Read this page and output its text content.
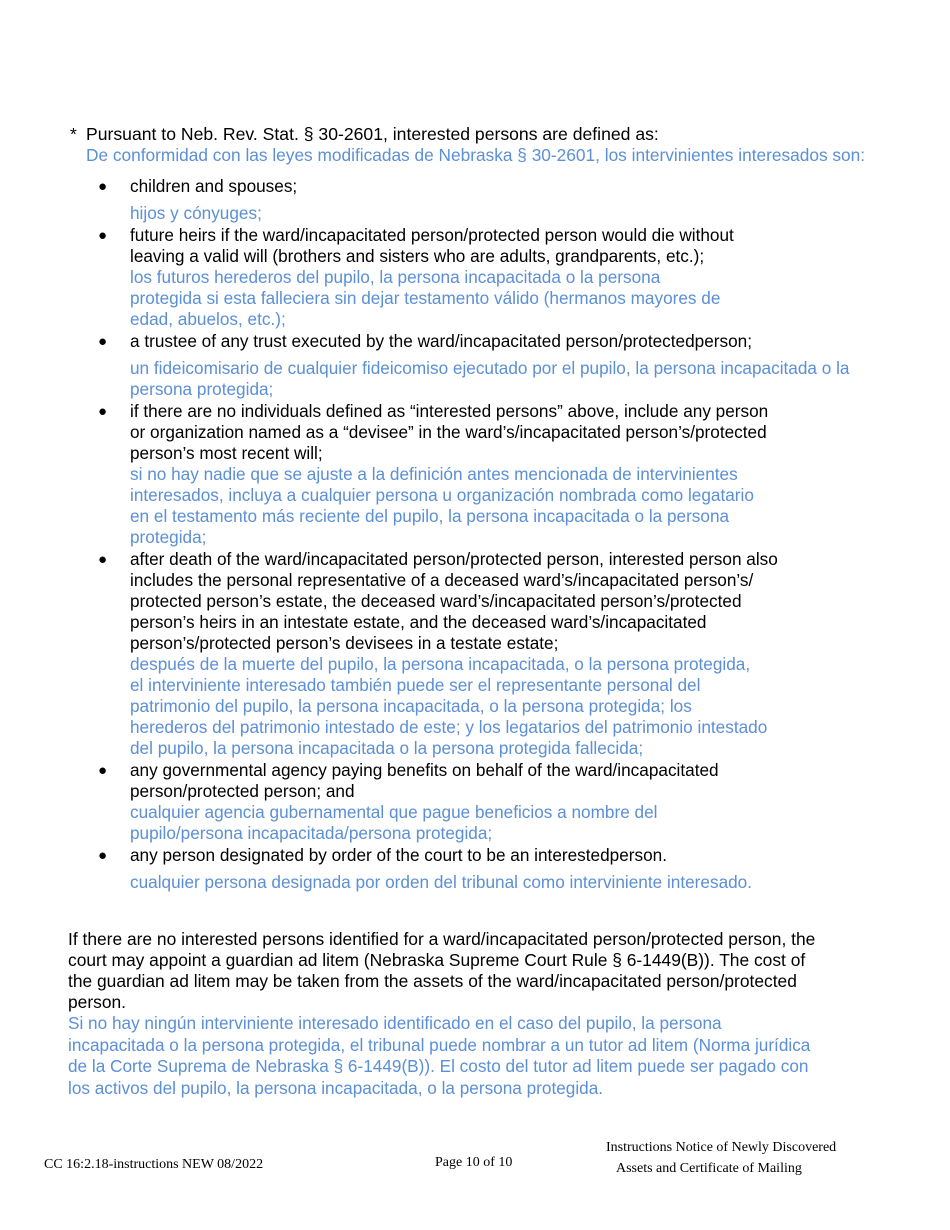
* Pursuant to Neb. Rev. Stat. § 30-2601, interested persons are defined as:
De conformidad con las leyes modificadas de Nebraska § 30-2601, los intervinientes interesados son:
● children and spouses;
hijos y cónyuges;
● future heirs if the ward/incapacitated person/protected person would die without
leaving a valid will (brothers and sisters who are adults, grandparents, etc.);
los futuros herederos del pupilo, la persona incapacitada o la persona
protegida si esta falleciera sin dejar testamento válido (hermanos mayores de
edad, abuelos, etc.);
● a trustee of any trust executed by the ward/incapacitated person/protectedperson;
un fideicomisario de cualquier fideicomiso ejecutado por el pupilo, la persona incapacitada o la
persona protegida;
● if there are no individuals defined as “interested persons” above, include any person
or organization named as a “devisee” in the ward’s/incapacitated person’s/protected
person’s most recent will;
si no hay nadie que se ajuste a la definición antes mencionada de intervinientes
interesados, incluya a cualquier persona u organización nombrada como legatario
en el testamento más reciente del pupilo, la persona incapacitada o la persona
protegida;
● after death of the ward/incapacitated person/protected person, interested person also
includes the personal representative of a deceased ward’s/incapacitated person’s/
protected person’s estate, the deceased ward’s/incapacitated person’s/protected
person’s heirs in an intestate estate, and the deceased ward’s/incapacitated
person’s/protected person’s devisees in a testate estate;
después de la muerte del pupilo, la persona incapacitada, o la persona protegida,
el interviniente interesado también puede ser el representante personal del
patrimonio del pupilo, la persona incapacitada, o la persona protegida; los
herederos del patrimonio intestado de este; y los legatarios del patrimonio intestado
del pupilo, la persona incapacitada o la persona protegida fallecida;
● any governmental agency paying benefits on behalf of the ward/incapacitated
person/protected person; and
cualquier agencia gubernamental que pague beneficios a nombre del
pupilo/persona incapacitada/persona protegida;
● any person designated by order of the court to be an interestedperson.
cualquier persona designada por orden del tribunal como interviniente interesado.
If there are no interested persons identified for a ward/incapacitated person/protected person, the
court may appoint a guardian ad litem (Nebraska Supreme Court Rule § 6-1449(B)). The cost of
the guardian ad litem may be taken from the assets of the ward/incapacitated person/protected
person.
Si no hay ningún interviniente interesado identificado en el caso del pupilo, la persona
incapacitada o la persona protegida, el tribunal puede nombrar a un tutor ad litem (Norma jurídica
de la Corte Suprema de Nebraska § 6-1449(B)). El costo del tutor ad litem puede ser pagado con
los activos del pupilo, la persona incapacitada, o la persona protegida.
CC 16:2.18-instructions NEW 08/2022	Page 10 of 10
Instructions Notice of Newly Discovered
Assets and Certificate of Mailing
